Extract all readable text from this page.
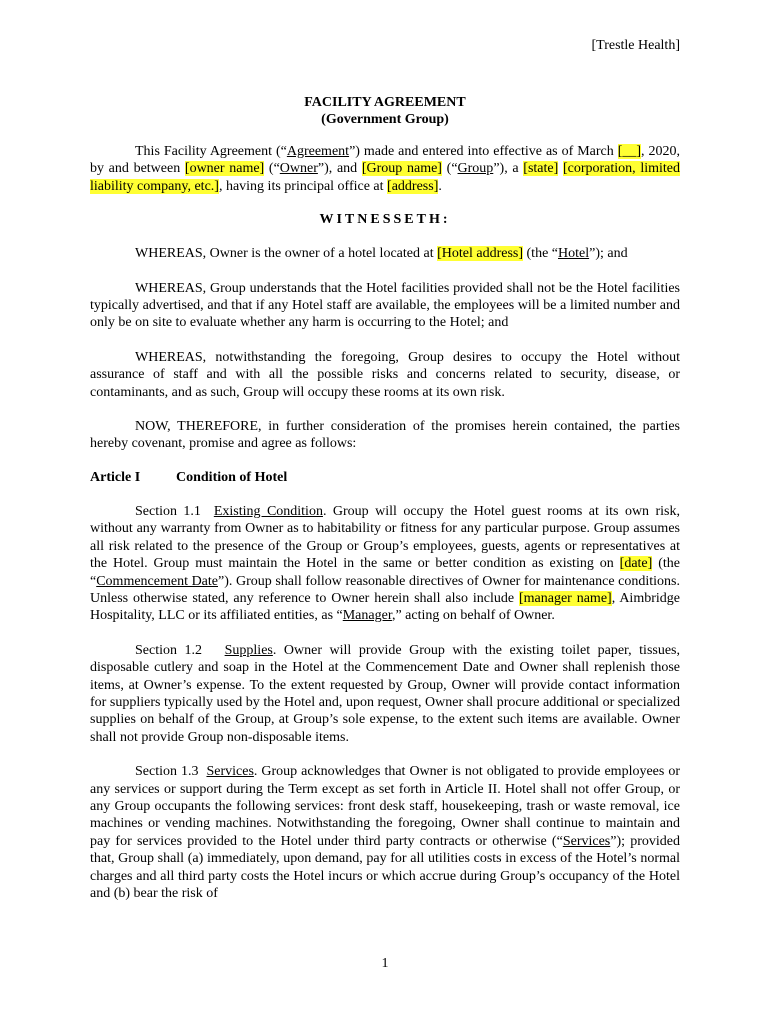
[Trestle Health]
FACILITY AGREEMENT
(Government Group)

This Facility Agreement (“Agreement”) made and entered into effective as of March [__], 2020, by and between [owner name] (“Owner”), and [Group name] (“Group”), a [state] [corporation, limited liability company, etc.], having its principal office at [address].

WITNESSETH:

WHEREAS, Owner is the owner of a hotel located at [Hotel address] (the “Hotel”); and

WHEREAS, Group understands that the Hotel facilities provided shall not be the Hotel facilities typically advertised, and that if any Hotel staff are available, the employees will be a limited number and only be on site to evaluate whether any harm is occurring to the Hotel; and

WHEREAS, notwithstanding the foregoing, Group desires to occupy the Hotel without assurance of staff and with all the possible risks and concerns related to security, disease, or contaminants, and as such, Group will occupy these rooms at its own risk.

NOW, THEREFORE, in further consideration of the promises herein contained, the parties hereby covenant, promise and agree as follows:

Article I	Condition of Hotel

Section 1.1 Existing Condition. Group will occupy the Hotel guest rooms at its own risk, without any warranty from Owner as to habitability or fitness for any particular purpose. Group assumes all risk related to the presence of the Group or Group’s employees, guests, agents or representatives at the Hotel. Group must maintain the Hotel in the same or better condition as existing on [date] (the “Commencement Date”). Group shall follow reasonable directives of Owner for maintenance conditions. Unless otherwise stated, any reference to Owner herein shall also include [manager name], Aimbridge Hospitality, LLC or its affiliated entities, as “Manager,” acting on behalf of Owner.

Section 1.2 Supplies. Owner will provide Group with the existing toilet paper, tissues, disposable cutlery and soap in the Hotel at the Commencement Date and Owner shall replenish those items, at Owner’s expense. To the extent requested by Group, Owner will provide contact information for suppliers typically used by the Hotel and, upon request, Owner shall procure additional or specialized supplies on behalf of the Group, at Group’s sole expense, to the extent such items are available. Owner shall not provide Group non-disposable items.

Section 1.3 Services. Group acknowledges that Owner is not obligated to provide employees or any services or support during the Term except as set forth in Article II. Hotel shall not offer Group, or any Group occupants the following services: front desk staff, housekeeping, trash or waste removal, ice machines or vending machines. Notwithstanding the foregoing, Owner shall continue to maintain and pay for services provided to the Hotel under third party contracts or otherwise (“Services”); provided that, Group shall (a) immediately, upon demand, pay for all utilities costs in excess of the Hotel’s normal charges and all third party costs the Hotel incurs or which accrue during Group’s occupancy of the Hotel and (b) bear the risk of

1
